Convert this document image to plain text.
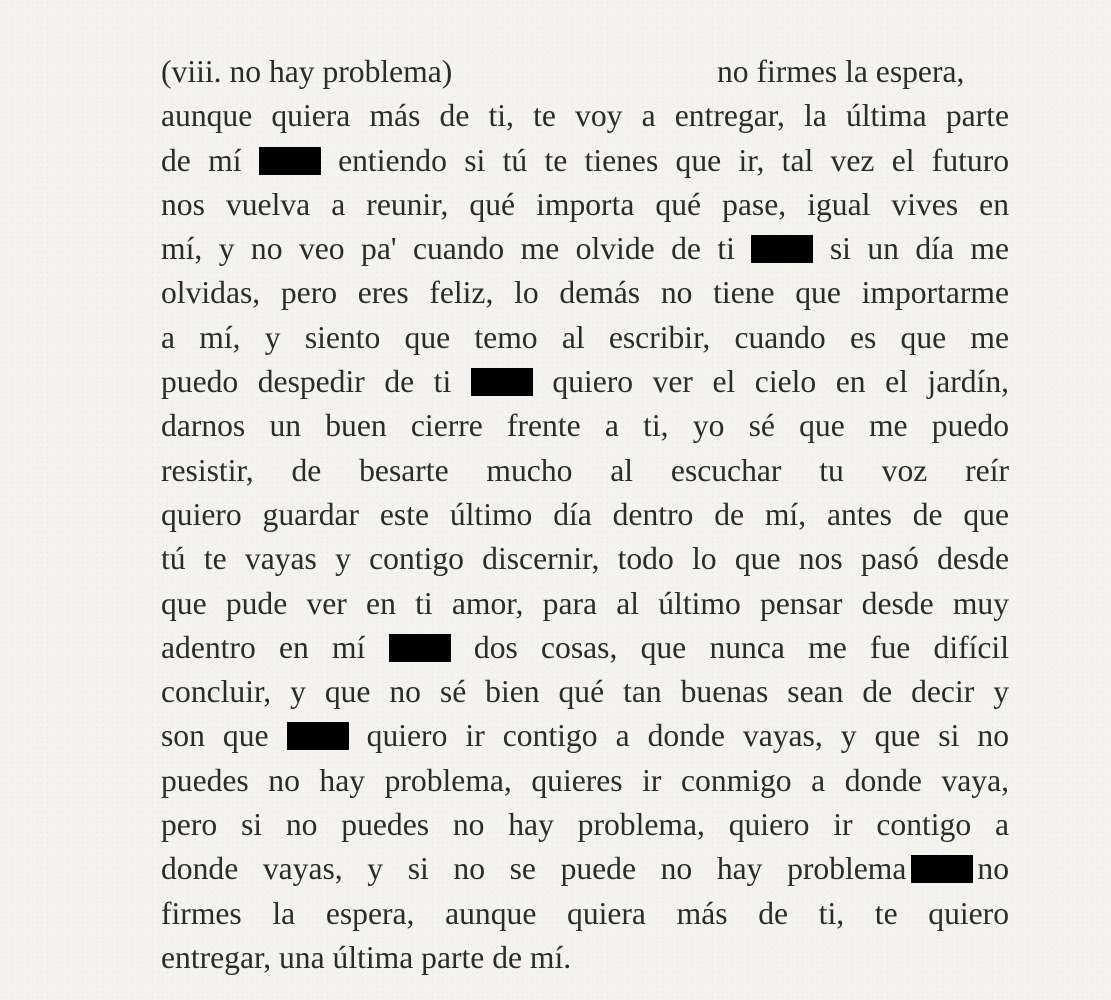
(viii. no hay problema)	no firmes la espera,
aunque quiera más de ti, te voy a entregar, la última parte
de mí	entiendo si tú te tienes que ir, tal vez el futuro
nos vuelva a reunir, qué importa qué pase, igual vives en
mí, y no veo pa' cuando me olvide de ti	si un día me
olvidas, pero eres feliz, lo demás no tiene que importarme
a mí, y siento que temo al escribir, cuando es que me
puedo despedir de ti	quiero ver el cielo en el jardín,
darnos un buen cierre frente a ti, yo sé que me puedo
resistir, de besarte mucho al escuchar tu voz reír
quiero guardar este último día dentro de mí, antes de que
tú te vayas y contigo discernir, todo lo que nos pasó desde
que pude ver en ti amor, para al último pensar desde muy
adentro en mí	dos cosas, que nunca me fue difícil
concluir, y que no sé bien qué tan buenas sean de decir y
son que	quiero ir contigo a donde vayas, y que si no
puedes no hay problema, quieres ir conmigo a donde vaya,
pero si no puedes no hay problema, quiero ir contigo a
donde vayas, y si no se puede no hay problema no
firmes la espera, aunque quiera más de ti, te quiero
entregar, una última parte de mí.
